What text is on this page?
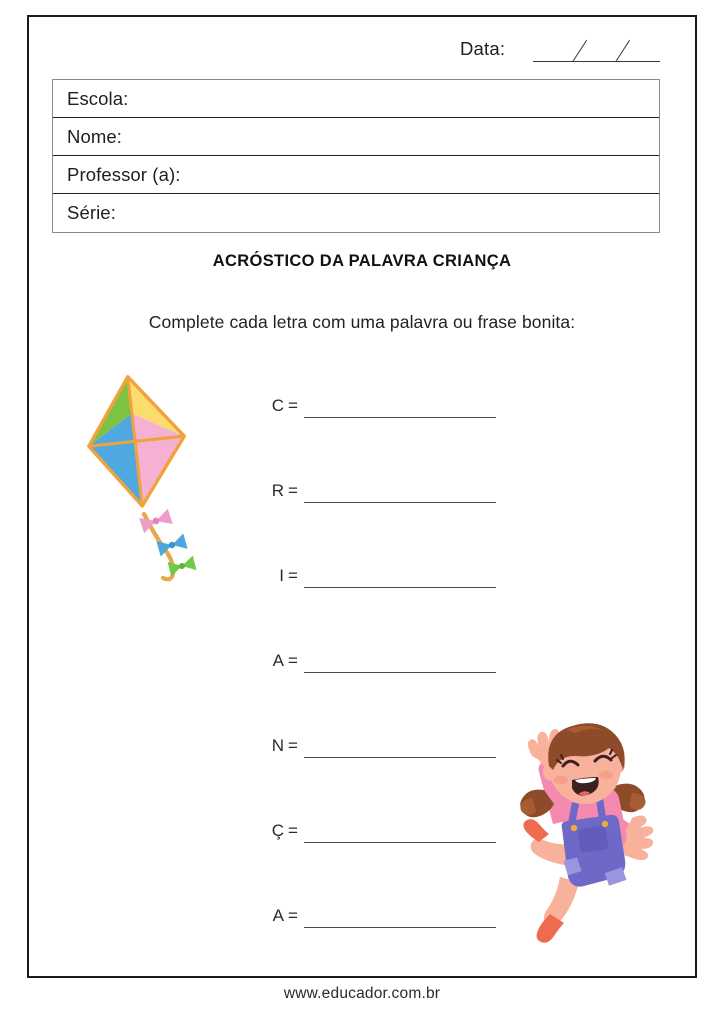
Data:
Escola:
Nome:
Professor (a):
Série:
ACRÓSTICO DA PALAVRA CRIANÇA
Complete cada letra com uma palavra ou frase bonita:
C =
R =
I =
A =
N =
Ç =
A =
www.educador.com.br
